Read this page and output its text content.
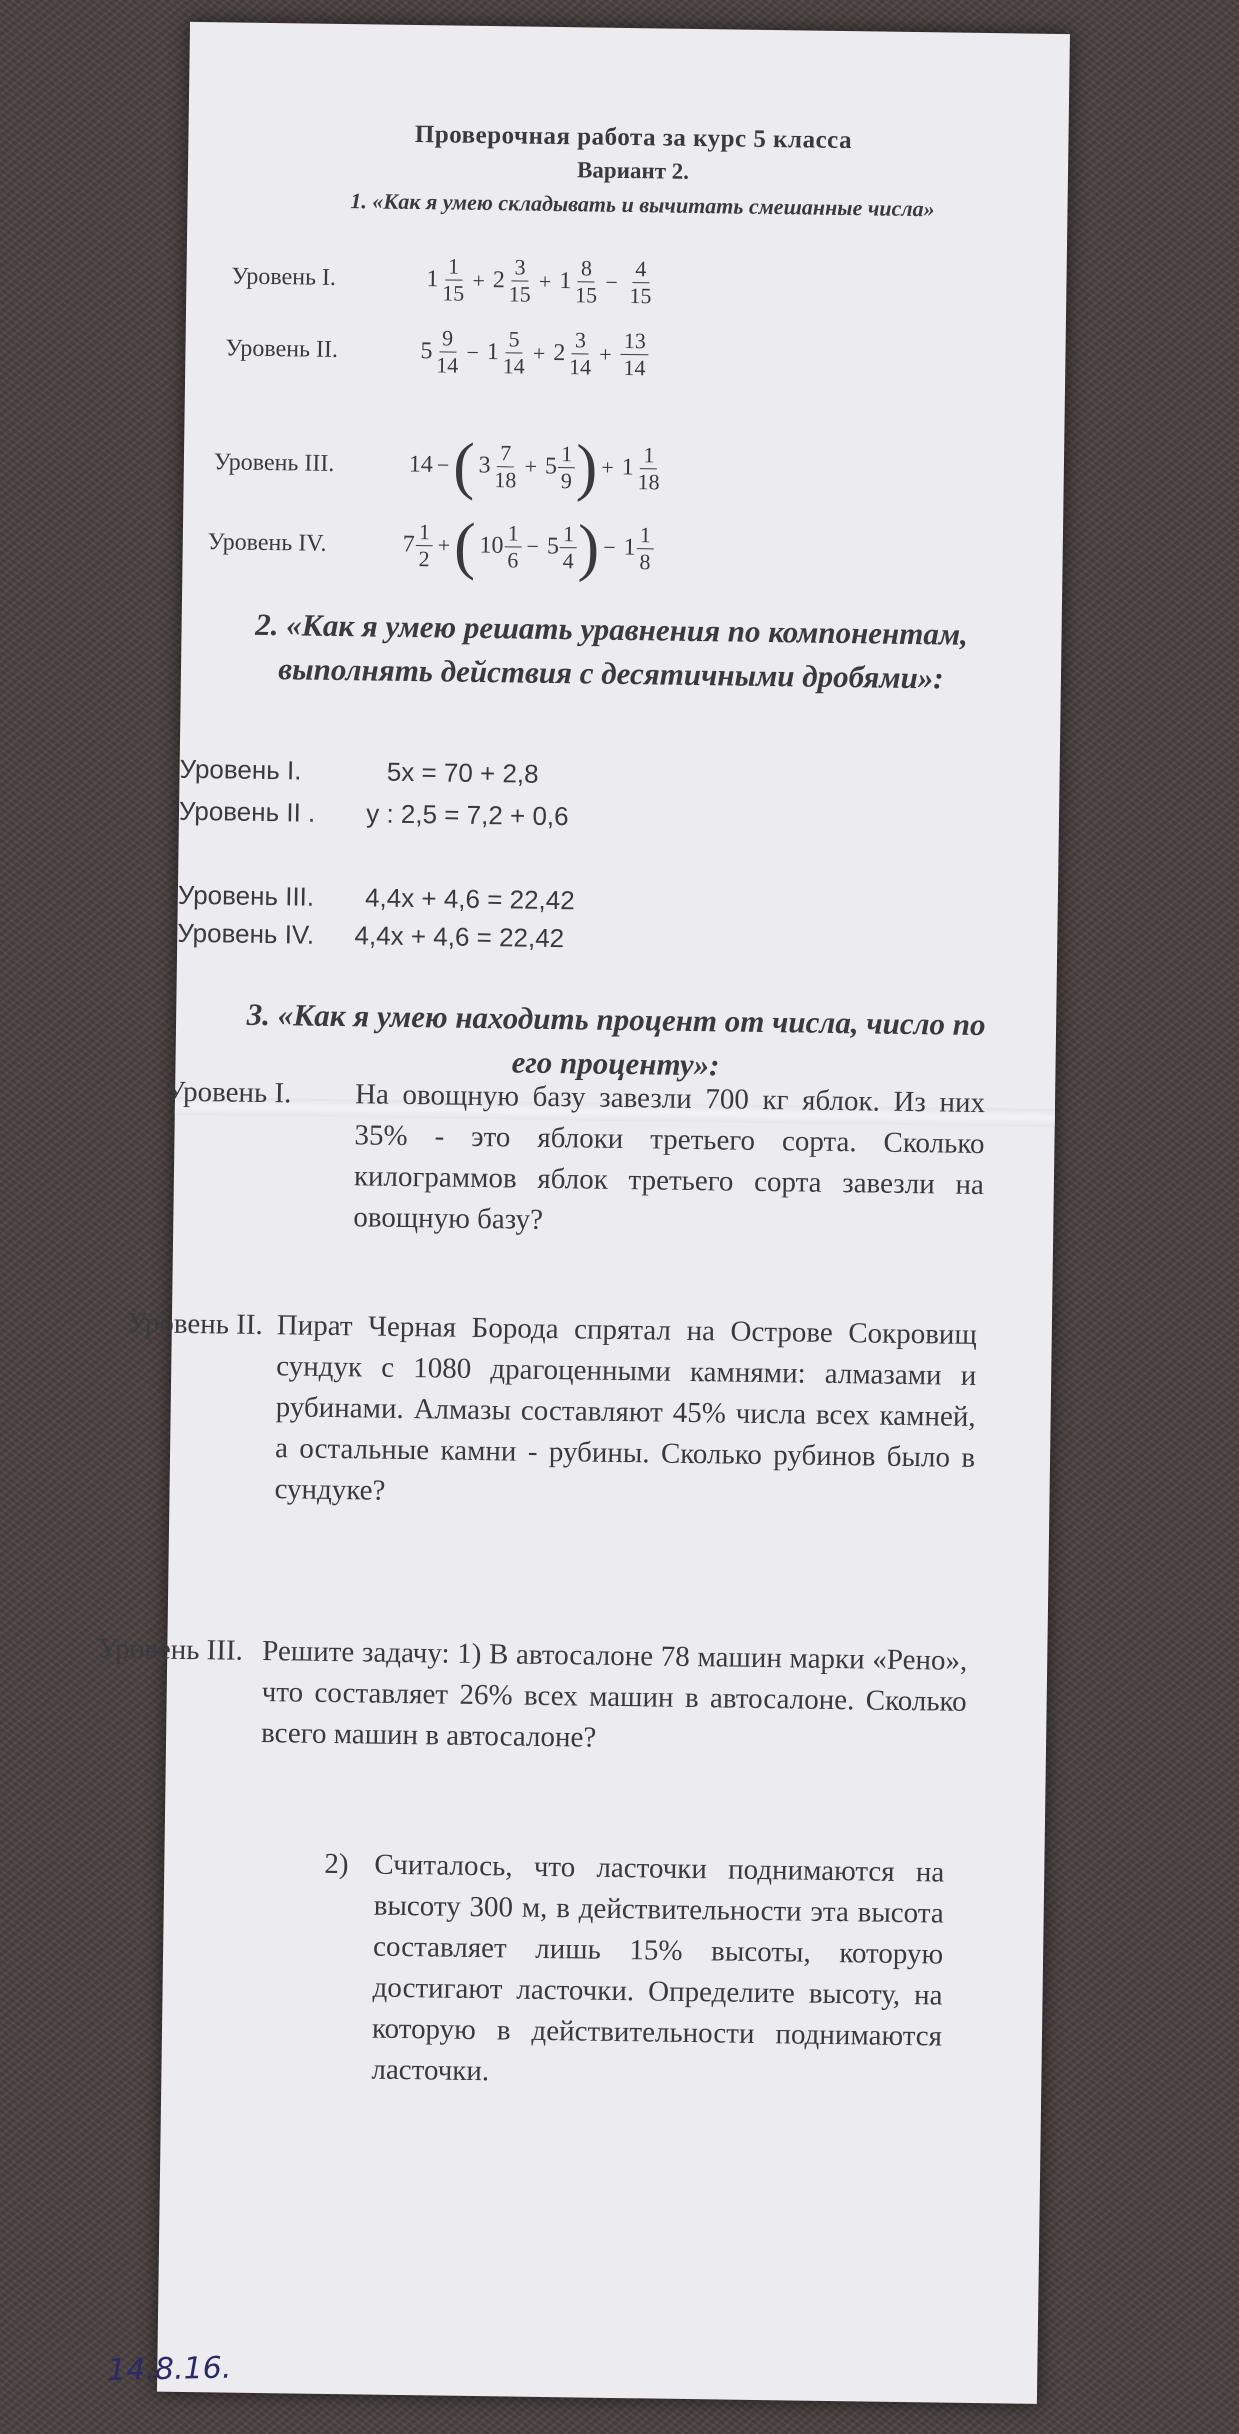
Проверочная работа за курс 5 класса
Вариант 2.
1. «Как я умею складывать и вычитать смешанные числа»
Уровень I.	$1 \frac{1}{15} + 2 \frac{3}{15} + 1 \frac{8}{15} - \frac{4}{15}$
Уровень II.	$5 \frac{9}{14} - 1 \frac{5}{14} + 2 \frac{3}{14} + \frac{13}{14}$
Уровень III.	14 −( $3 \frac{7}{18} + 5 \frac{1}{9}$ ) + $1 \frac{1}{18}$
Уровень IV.	$7 \frac{1}{2}$ +( $10 \frac{1}{6} - 5 \frac{1}{4}$ ) − $1 \frac{1}{8}$
2. «Как я умею решать уравнения по компонентам, выполнять действия с десятичными дробями»:
Уровень I.	5х = 70 + 2,8
Уровень II . у : 2,5 = 7,2 + 0,6
Уровень III. 4,4х + 4,6 = 22,42
Уровень IV. 4,4х + 4,6 = 22,42
3. «Как я умею находить процент от числа, число по его проценту»:
Уровень I.	На овощную базу завезли 700 кг яблок. Из них 35% - это яблоки третьего сорта. Сколько килограммов яблок третьего сорта завезли на овощную базу?
Уровень II. Пират Черная Борода спрятал на Острове Сокровищ сундук с 1080 драгоценными камнями: алмазами и рубинами. Алмазы составляют 45% числа всех камней, а остальные камни - рубины. Сколько рубинов было в сундуке?
Уровень III. Решите задачу: 1) В автосалоне 78 машин марки «Рено», что составляет 26% всех машин в автосалоне. Сколько всего машин в автосалоне?
2) Считалось, что ласточки поднимаются на высоту 300 м, в действительности эта высота составляет лишь 15% высоты, которую достигают ласточки. Определите высоту, на которую в действительности поднимаются ласточки.
14.8.16.
